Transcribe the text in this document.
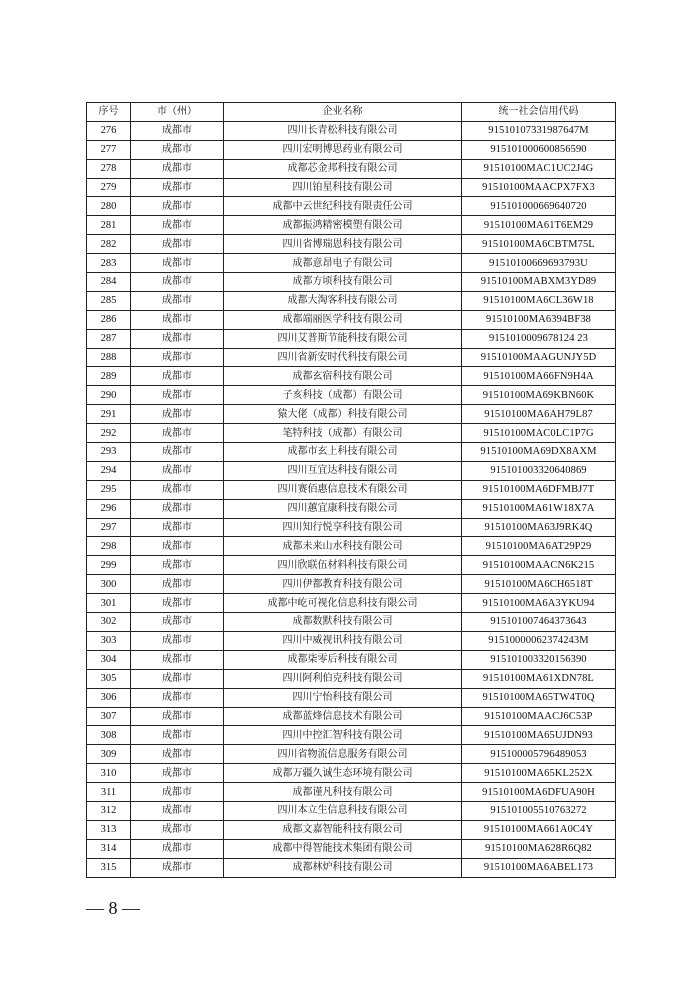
序号	市（州）	企业名称	统一社会信用代码
276	成都市	四川长青松科技有限公司	91510107331987647M
277	成都市	四川宏明博思药业有限公司	915101000600856590
278	成都市	成都芯金邦科技有限公司	91510100MAC1UC2J4G
279	成都市	四川铂星科技有限公司	91510100MAACPX7FX3
280	成都市	成都中云世纪科技有限责任公司	915101000669640720
281	成都市	成都振鸿精密模塑有限公司	91510100MA61T6EM29
282	成都市	四川省博瑞恩科技有限公司	91510100MA6CBTM75L
283	成都市	成都意昂电子有限公司	91510100669693793U
284	成都市	成都方顷科技有限公司	91510100MABXM3YD89
285	成都市	成都大淘客科技有限公司	91510100MA6CL36W18
286	成都市	成都端丽医学科技有限公司	91510100MA6394BF38
287	成都市	四川艾普斯节能科技有限公司	9151010009678124 23
288	成都市	四川省新安时代科技有限公司	91510100MAAGUNJY5D
289	成都市	成都玄宿科技有限公司	91510100MA66FN9H4A
290	成都市	子亥科技（成都）有限公司	91510100MA69KBN60K
291	成都市	猿大佬（成都）科技有限公司	91510100MA6AH79L87
292	成都市	笔特科技（成都）有限公司	91510100MAC0LC1P7G
293	成都市	成都市玄上科技有限公司	91510100MA69DX8AXM
294	成都市	四川互宜达科技有限公司	915101003320640869
295	成都市	四川赛佰惠信息技术有限公司	91510100MA6DFMBJ7T
296	成都市	四川蕙宜康科技有限公司	91510100MA61W18X7A
297	成都市	四川知行悦享科技有限公司	91510100MA63J9RK4Q
298	成都市	成都未来山水科技有限公司	91510100MA6AT29P29
299	成都市	四川欣联伍材料科技有限公司	91510100MAACN6K215
300	成都市	四川伊都教育科技有限公司	91510100MA6CH6518T
301	成都市	成都中屹可视化信息科技有限公司	91510100MA6A3YKU94
302	成都市	成都数默科技有限公司	915101007464373643
303	成都市	四川中威视讯科技有限公司	91510000062374243M
304	成都市	成都柒零后科技有限公司	915101003320156390
305	成都市	四川阿利伯克科技有限公司	91510100MA61XDN78L
306	成都市	四川宁怡科技有限公司	91510100MA65TW4T0Q
307	成都市	成都蓝烽信息技术有限公司	91510100MAACJ6C53P
308	成都市	四川中控汇智科技有限公司	91510100MA65UJDN93
309	成都市	四川省物流信息服务有限公司	915100005796489053
310	成都市	成都万疆久诚生态环境有限公司	91510100MA65KL252X
311	成都市	成都谨凡科技有限公司	91510100MA6DFUA90H
312	成都市	四川本立生信息科技有限公司	915101005510763272
313	成都市	成都文嘉智能科技有限公司	91510100MA661A0C4Y
314	成都市	成都中得智能技术集团有限公司	91510100MA628R6Q82
315	成都市	成都林炉科技有限公司	91510100MA6ABEL173
— 8 —
